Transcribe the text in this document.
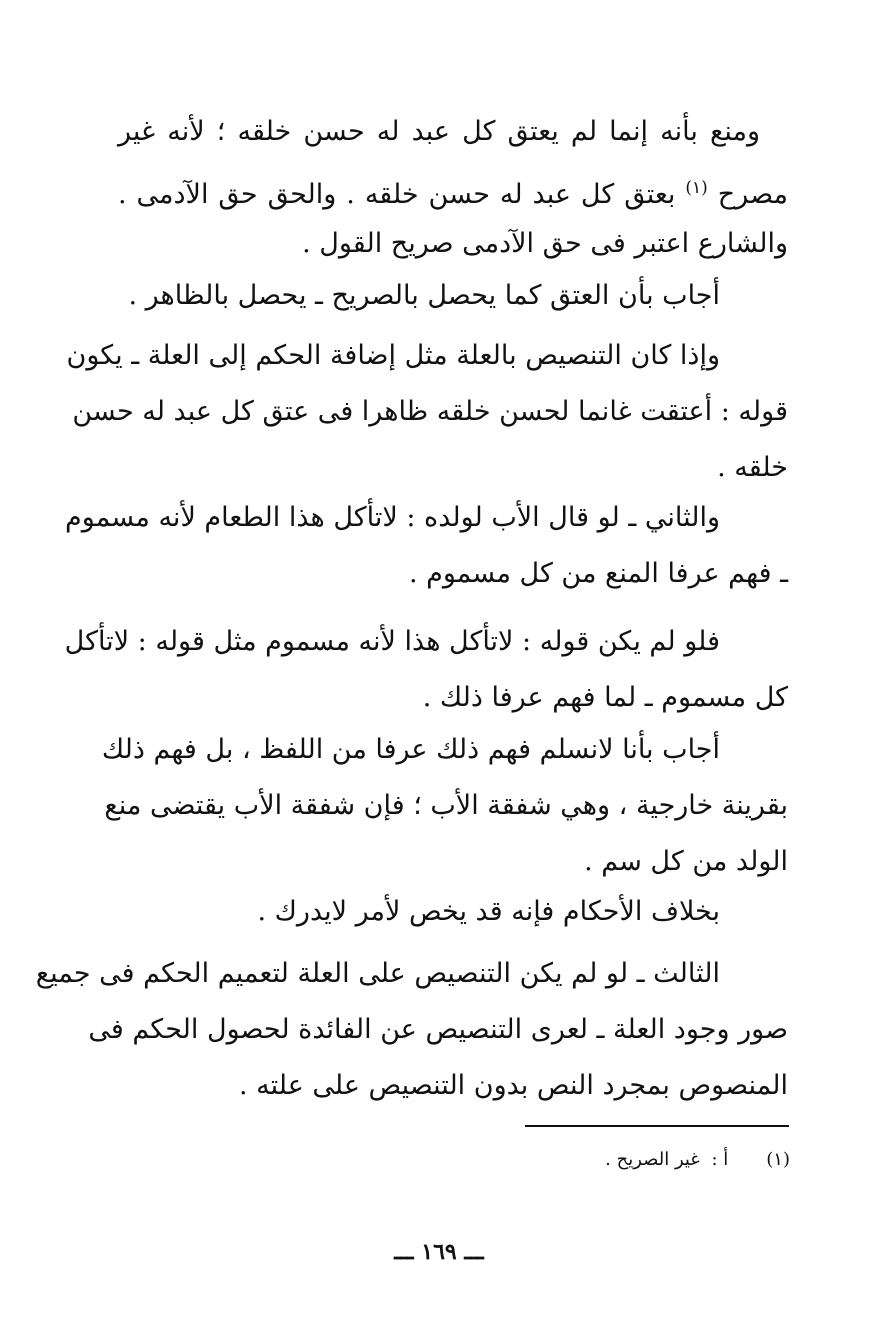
ومنع بأنه إنما لم يعتق كل عبد له حسن خلقه ؛ لأنه غير
مصرح $^{(١)}$ بعتق كل عبد له حسن خلقه . والحق حق الآدمى .
والشارع اعتبر فى حق الآدمى صريح القول .
أجاب بأن العتق كما يحصل بالصريح ـ يحصل بالظاهر .
وإذا كان التنصيص بالعلة مثل إضافة الحكم إلى العلة ـ يكون
قوله : أعتقت غانما لحسن خلقه ظاهرا فى عتق كل عبد له حسن
خلقه .
والثاني ـ لو قال الأب لولده : لاتأكل هذا الطعام لأنه مسموم
ـ فهم عرفا المنع من كل مسموم .
فلو لم يكن قوله : لاتأكل هذا لأنه مسموم مثل قوله : لاتأكل
كل مسموم ـ لما فهم عرفا ذلك .
أجاب بأنا لانسلم فهم ذلك عرفا من اللفظ ، بل فهم ذلك
بقرينة خارجية ، وهي شفقة الأب ؛ فإن شفقة الأب يقتضى منع
الولد من كل سم .
بخلاف الأحكام فإنه قد يخص لأمر لايدرك .
الثالث ـ لو لم يكن التنصيص على العلة لتعميم الحكم فى جميع
صور وجود العلة ـ لعرى التنصيص عن الفائدة لحصول الحكم فى
المنصوص بمجرد النص بدون التنصيص على علته .
(١) أ : غير الصريح .
ـــ ١٦٩ ـــ
